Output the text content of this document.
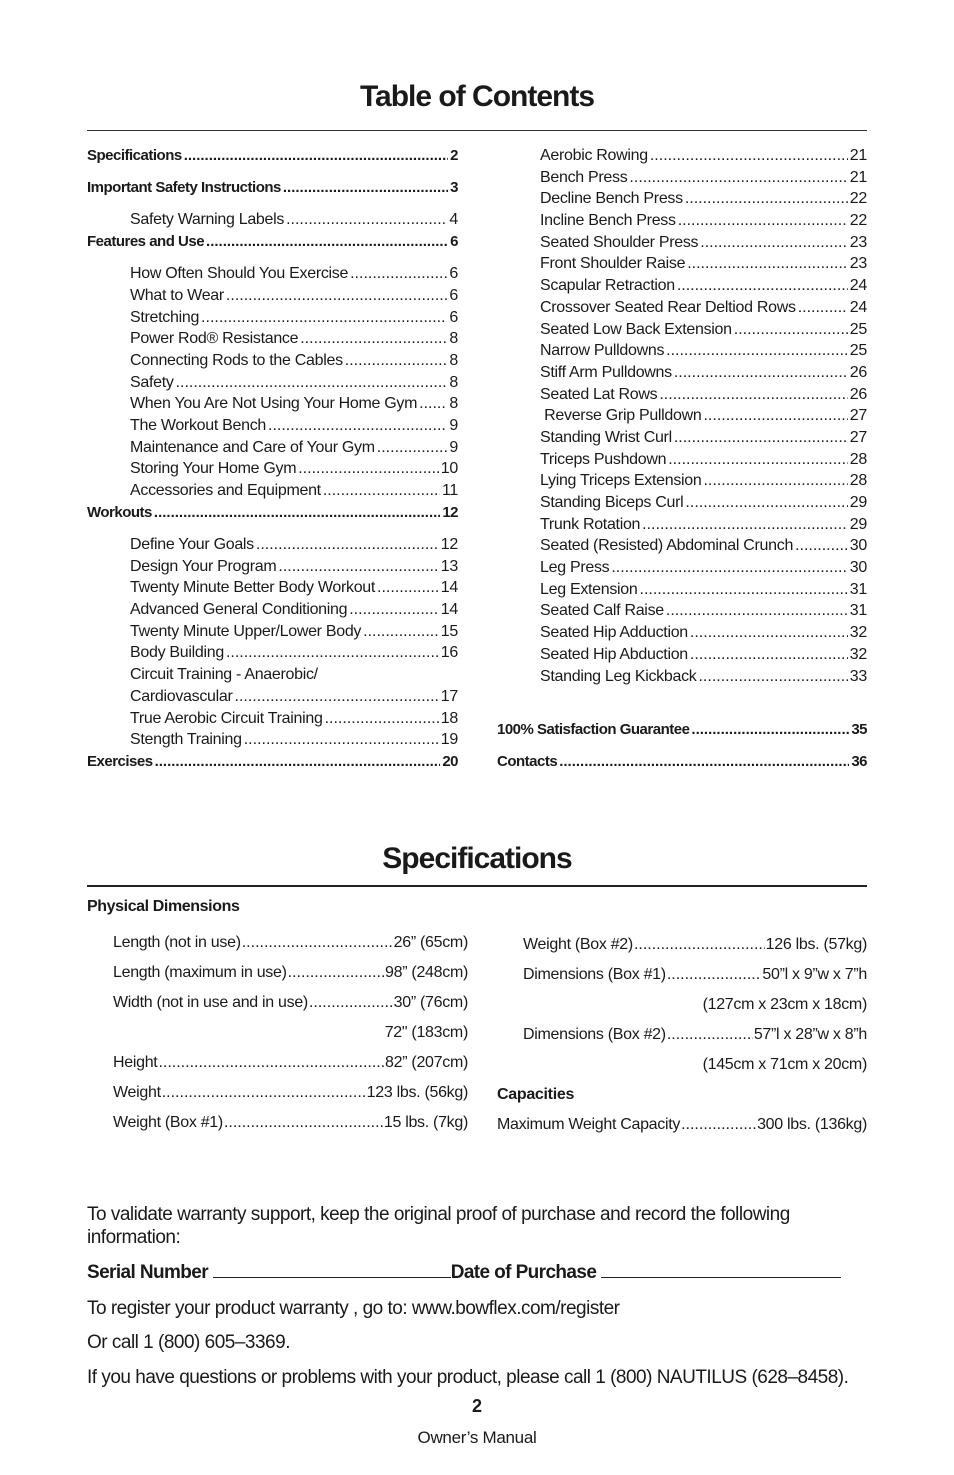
Table of Contents
Specifications .....	2
Important Safety Instructions .....	3
Safety Warning Labels .....	4
Features and Use .....	6
How Often Should You Exercise .....	6
What to Wear .....	6
Stretching .....	6
Power Rod® Resistance .....	8
Connecting Rods to the Cables .....	8
Safety .....	8
When You Are Not Using Your Home Gym ..... 8
The Workout Bench .....	9
Maintenance and Care of Your Gym .....	9
Storing Your Home Gym .....	10
Accessories and Equipment .....	11
Workouts .....	12
Define Your Goals .....	12
Design Your Program .....	13
Twenty Minute Better Body Workout .....	14
Advanced General Conditioning .....	14
Twenty Minute Upper/Lower Body .....	15
Body Building .....	16
Circuit Training - Anaerobic/
Cardiovascular .....	17
True Aerobic Circuit Training .....	18
Stength Training .....	19
Exercises .....	20
Aerobic Rowing .....	21
Bench Press .....	21
Decline Bench Press .....	22
Incline Bench Press .....	22
Seated Shoulder Press .....	23
Front Shoulder Raise .....	23
Scapular Retraction .....	24
Crossover Seated Rear Deltiod Rows .....	24
Seated Low Back Extension .....	25
Narrow Pulldowns .....	25
Stiff Arm Pulldowns .....	26
Seated Lat Rows .....	26
Reverse Grip Pulldown .....	27
Standing Wrist Curl .....	27
Triceps Pushdown .....	28
Lying Triceps Extension .....	28
Standing Biceps Curl .....	29
Trunk Rotation .....	29
Seated (Resisted) Abdominal Crunch .....	30
Leg Press .....	30
Leg Extension .....	31
Seated Calf Raise .....	31
Seated Hip Adduction .....	32
Seated Hip Abduction .....	32
Standing Leg Kickback .....	33
100% Satisfaction Guarantee .....	35
Contacts .....	36
Specifications
Physical Dimensions
Length (not in use) .....	26” (65cm)
Length (maximum in use) .....	98” (248cm)
Width (not in use and in use) .....	30” (76cm)
72" (183cm)
Height .....	82” (207cm)
Weight .....	123 lbs. (56kg)
Weight (Box #1) .....	15 lbs. (7kg)
Weight (Box #2) .....	126 lbs. (57kg)
Dimensions (Box #1) .....	50”l x 9”w x 7”h
(127cm x 23cm x 18cm)
Dimensions (Box #2) .....	57”l x 28”w x 8”h
(145cm x 71cm x 20cm)
Capacities
Maximum Weight Capacity .....	300 lbs. (136kg)
To validate warranty support, keep the original proof of purchase and record the following information:
Serial Number	Date of Purchase
To register your product warranty , go to: www.bowflex.com/register
Or call 1 (800) 605–3369.
If you have questions or problems with your product, please call 1 (800) NAUTILUS (628–8458).
2
Owner’s Manual
